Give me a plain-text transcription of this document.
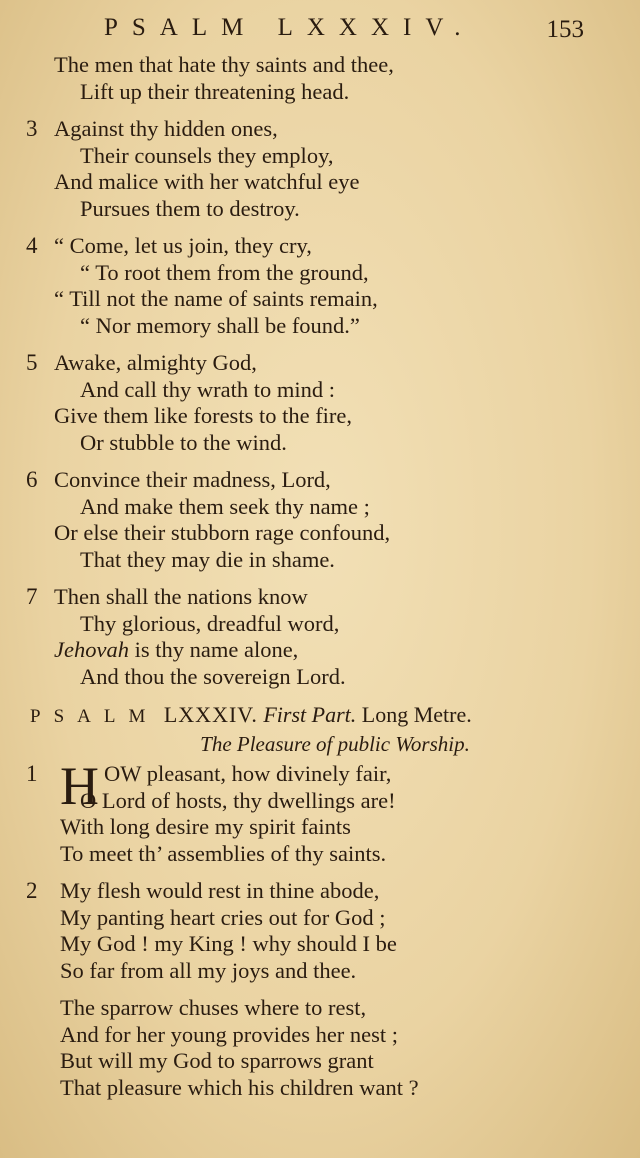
PSALM LXXXIV.	153
The men that hate thy saints and thee,
Lift up their threatening head.
3 Against thy hidden ones,
Their counsels they employ,
And malice with her watchful eye
Pursues them to destroy.
4 “ Come, let us join, they cry,
“ To root them from the ground,
“ Till not the name of saints remain,
“ Nor memory shall be found.”
5 Awake, almighty God,
And call thy wrath to mind :
Give them like forests to the fire,
Or stubble to the wind.
6 Convince their madness, Lord,
And make them seek thy name ;
Or else their stubborn rage confound,
That they may die in shame.
7 Then shall the nations know
Thy glorious, dreadful word,
Jehovah is thy name alone,
And thou the sovereign Lord.
PSALM LXXXIV. First Part. Long Metre.
The Pleasure of public Worship.
1 H OW pleasant, how divinely fair,
O Lord of hosts, thy dwellings are!
With long desire my spirit faints
To meet th’ assemblies of thy saints.
2	My flesh would rest in thine abode,
My panting heart cries out for God ;
My God ! my King ! why should I be
So far from all my joys and thee.
The sparrow chuses where to rest,
And for her young provides her nest ;
But will my God to sparrows grant
That pleasure which his children want ?
